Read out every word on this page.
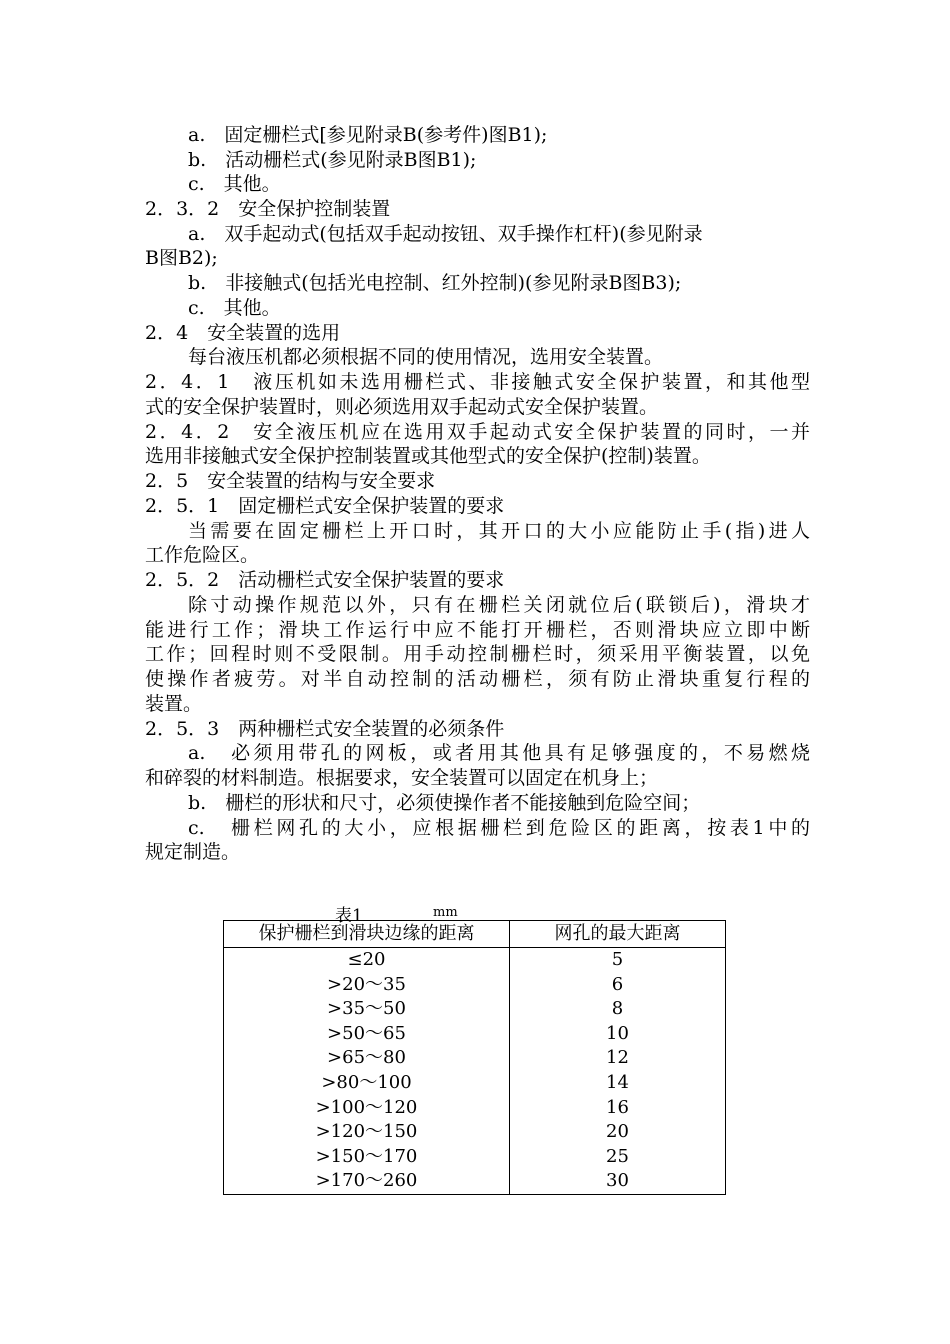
a.　固定栅栏式[参见附录B(参考件)图B1);
b.　活动栅栏式(参见附录B图B1);
c.　其他。
2．3．2　安全保护控制装置
a.　双手起动式(包括双手起动按钮、双手操作杠杆)(参见附录
B图B2);
b.　非接触式(包括光电控制、红外控制)(参见附录B图B3);
c.　其他。
2．4　安全装置的选用
每台液压机都必须根据不同的使用情况，选用安全装置。
2．4．1　液压机如未选用栅栏式、非接触式安全保护装置，和其他型
式的安全保护装置时，则必须选用双手起动式安全保护装置。
2．4．2　安全液压机应在选用双手起动式安全保护装置的同时，一并
选用非接触式安全保护控制装置或其他型式的安全保护(控制)装置。
2．5　安全装置的结构与安全要求
2．5．1　固定栅栏式安全保护装置的要求
当需要在固定栅栏上开口时，其开口的大小应能防止手(指)进人
工作危险区。
2．5．2　活动栅栏式安全保护装置的要求
除寸动操作规范以外，只有在栅栏关闭就位后(联锁后)，滑块才
能进行工作；滑块工作运行中应不能打开栅栏，否则滑块应立即中断
工作；回程时则不受限制。用手动控制栅栏时，须采用平衡装置，以免
使操作者疲劳。对半自动控制的活动栅栏，须有防止滑块重复行程的
装置。
2．5．3　两种栅栏式安全装置的必须条件
a.　必须用带孔的网板，或者用其他具有足够强度的，不易燃烧
和碎裂的材料制造。根据要求，安全装置可以固定在机身上；
b.　栅栏的形状和尺寸，必须使操作者不能接触到危险空间；
c.　栅栏网孔的大小，应根据栅栏到危险区的距离，按表1中的
规定制造。
表1	mm
保护栅栏到滑块边缘的距离	网孔的最大距离
≤20	5
>20～35	6
>35～50	8
>50～65	10
>65～80	12
>80～100	14
>100～120	16
>120～150	20
>150～170	25
>170～260	30
